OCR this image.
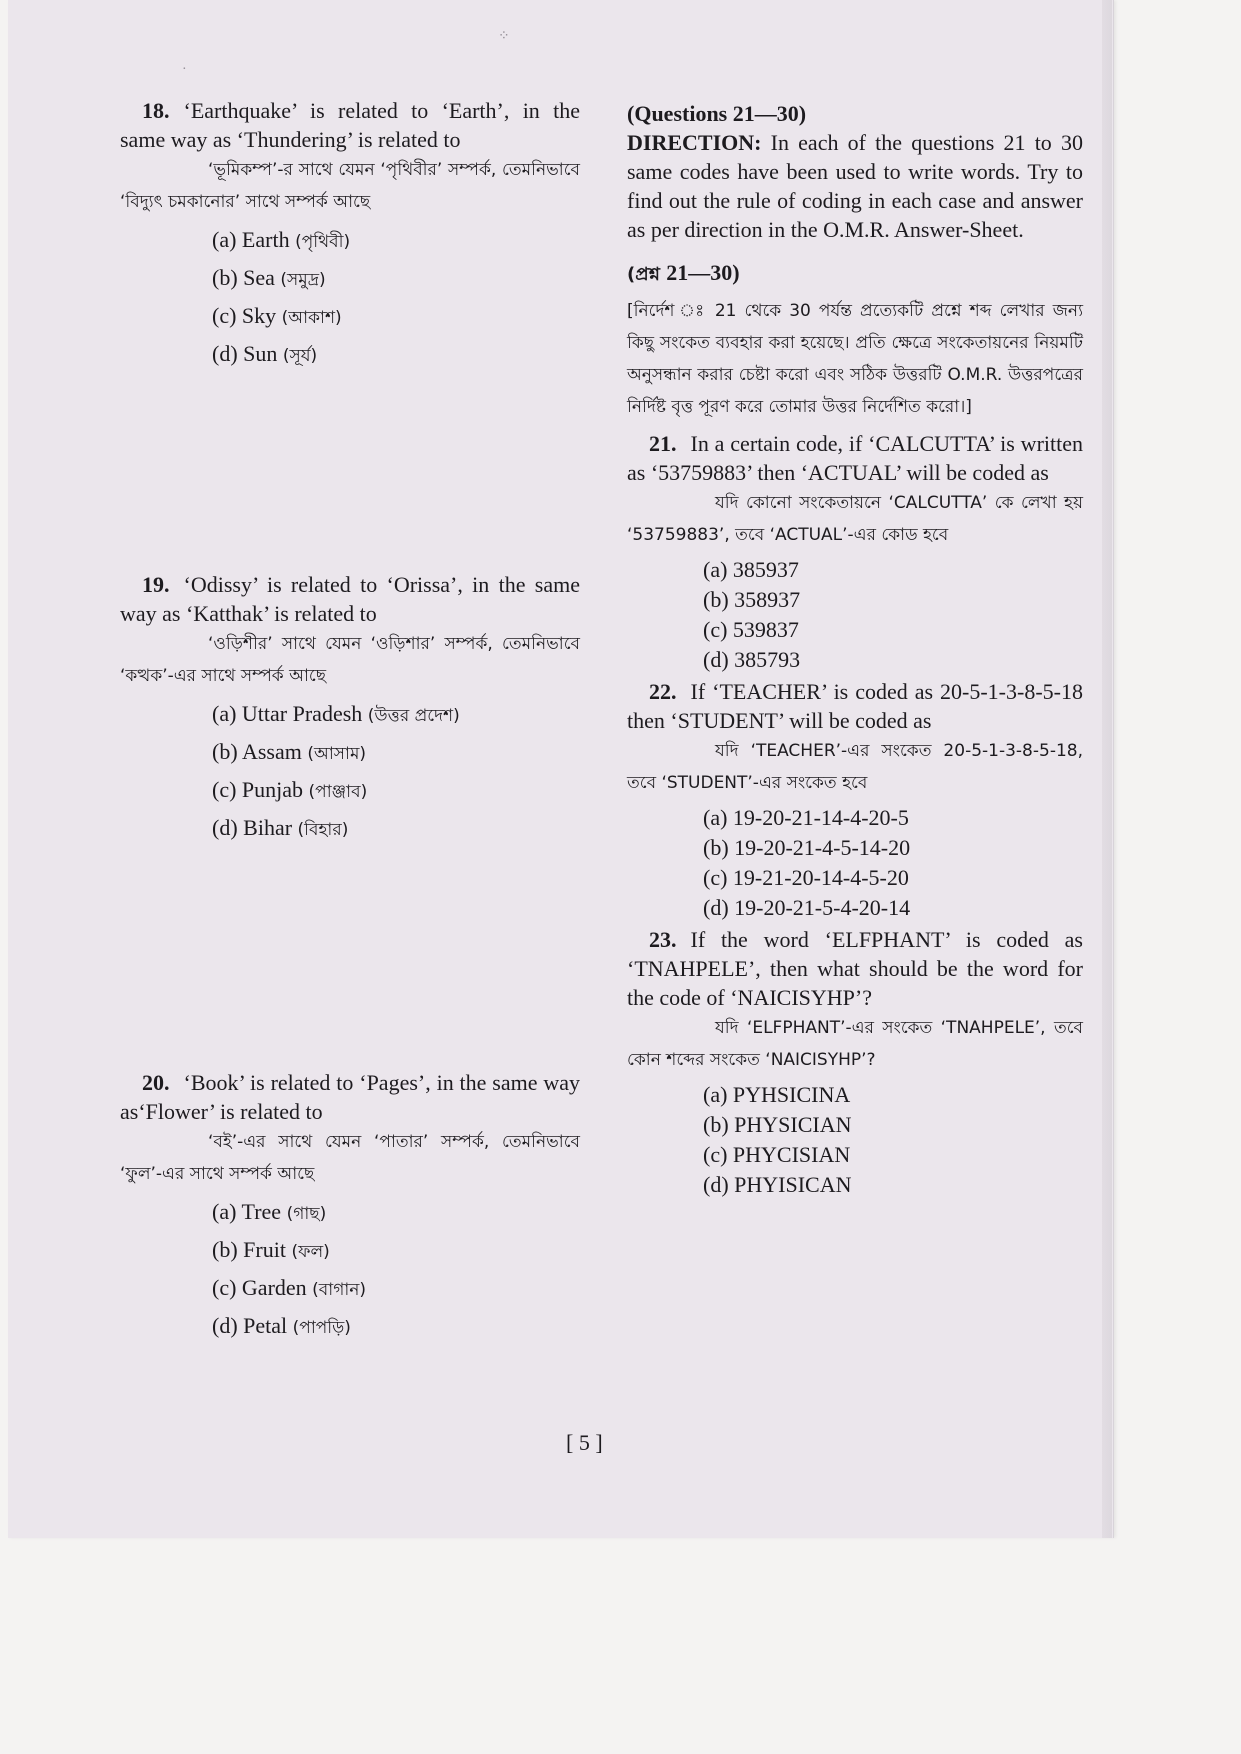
⁘
·

18. ‘Earthquake’ is related to ‘Earth’, in the same way as ‘Thundering’ is related to

‘ভূমিকম্প’-র সাথে যেমন ‘পৃথিবীর’ সম্পর্ক, তেমনিভাবে ‘বিদ্যুৎ চমকানোর’ সাথে সম্পর্ক আছে

(a) Earth (পৃথিবী)
(b) Sea (সমুদ্র)
(c) Sky (আকাশ)
(d) Sun (সূর্য)

19. ‘Odissy’ is related to ‘Orissa’, in the same way as ‘Katthak’ is related to

‘ওড়িশীর’ সাথে যেমন ‘ওড়িশার’ সম্পর্ক, তেমনিভাবে ‘কত্থক’-এর সাথে সম্পর্ক আছে

(a) Uttar Pradesh (উত্তর প্রদেশ)
(b) Assam (আসাম)
(c) Punjab (পাঞ্জাব)
(d) Bihar (বিহার)

20. ‘Book’ is related to ‘Pages’, in the same way as‘Flower’ is related to

‘বই’-এর সাথে যেমন ‘পাতার’ সম্পর্ক, তেমনিভাবে ‘ফুল’-এর সাথে সম্পর্ক আছে

(a) Tree (গাছ)
(b) Fruit (ফল)
(c) Garden (বাগান)
(d) Petal (পাপড়ি)

(Questions 21—30)

DIRECTION: In each of the questions 21 to 30 same codes have been used to write words. Try to find out the rule of coding in each case and answer as per direction in the O.M.R. Answer-Sheet.

(প্রশ্ন 21—30)

[নির্দেশ ঃ 21 থেকে 30 পর্যন্ত প্রত্যেকটি প্রশ্নে শব্দ লেখার জন্য কিছু সংকেত ব্যবহার করা হয়েছে। প্রতি ক্ষেত্রে সংকেতায়নের নিয়মটি অনুসন্ধান করার চেষ্টা করো এবং সঠিক উত্তরটি O.M.R. উত্তরপত্রের নির্দিষ্ট বৃত্ত পূরণ করে তোমার উত্তর নির্দেশিত করো।]

21. In a certain code, if ‘CALCUTTA’ is written as ‘53759883’ then ‘ACTUAL’ will be coded as

যদি কোনো সংকেতায়নে ‘CALCUTTA’ কে লেখা হয় ‘53759883’, তবে ‘ACTUAL’-এর কোড হবে

(a) 385937
(b) 358937
(c) 539837
(d) 385793

22. If ‘TEACHER’ is coded as 20-5-1-3-8-5-18 then ‘STUDENT’ will be coded as

যদি ‘TEACHER’-এর সংকেত 20-5-1-3-8-5-18, তবে ‘STUDENT’-এর সংকেত হবে

(a) 19-20-21-14-4-20-5
(b) 19-20-21-4-5-14-20
(c) 19-21-20-14-4-5-20
(d) 19-20-21-5-4-20-14

23. If the word ‘ELFPHANT’ is coded as ‘TNAHPELE’, then what should be the word for the code of ‘NAICISYHP’?

যদি ‘ELFPHANT’-এর সংকেত ‘TNAHPELE’, তবে কোন শব্দের সংকেত ‘NAICISYHP’?

(a) PYHSICINA
(b) PHYSICIAN
(c) PHYCISIAN
(d) PHYISICAN
[ 5 ]
